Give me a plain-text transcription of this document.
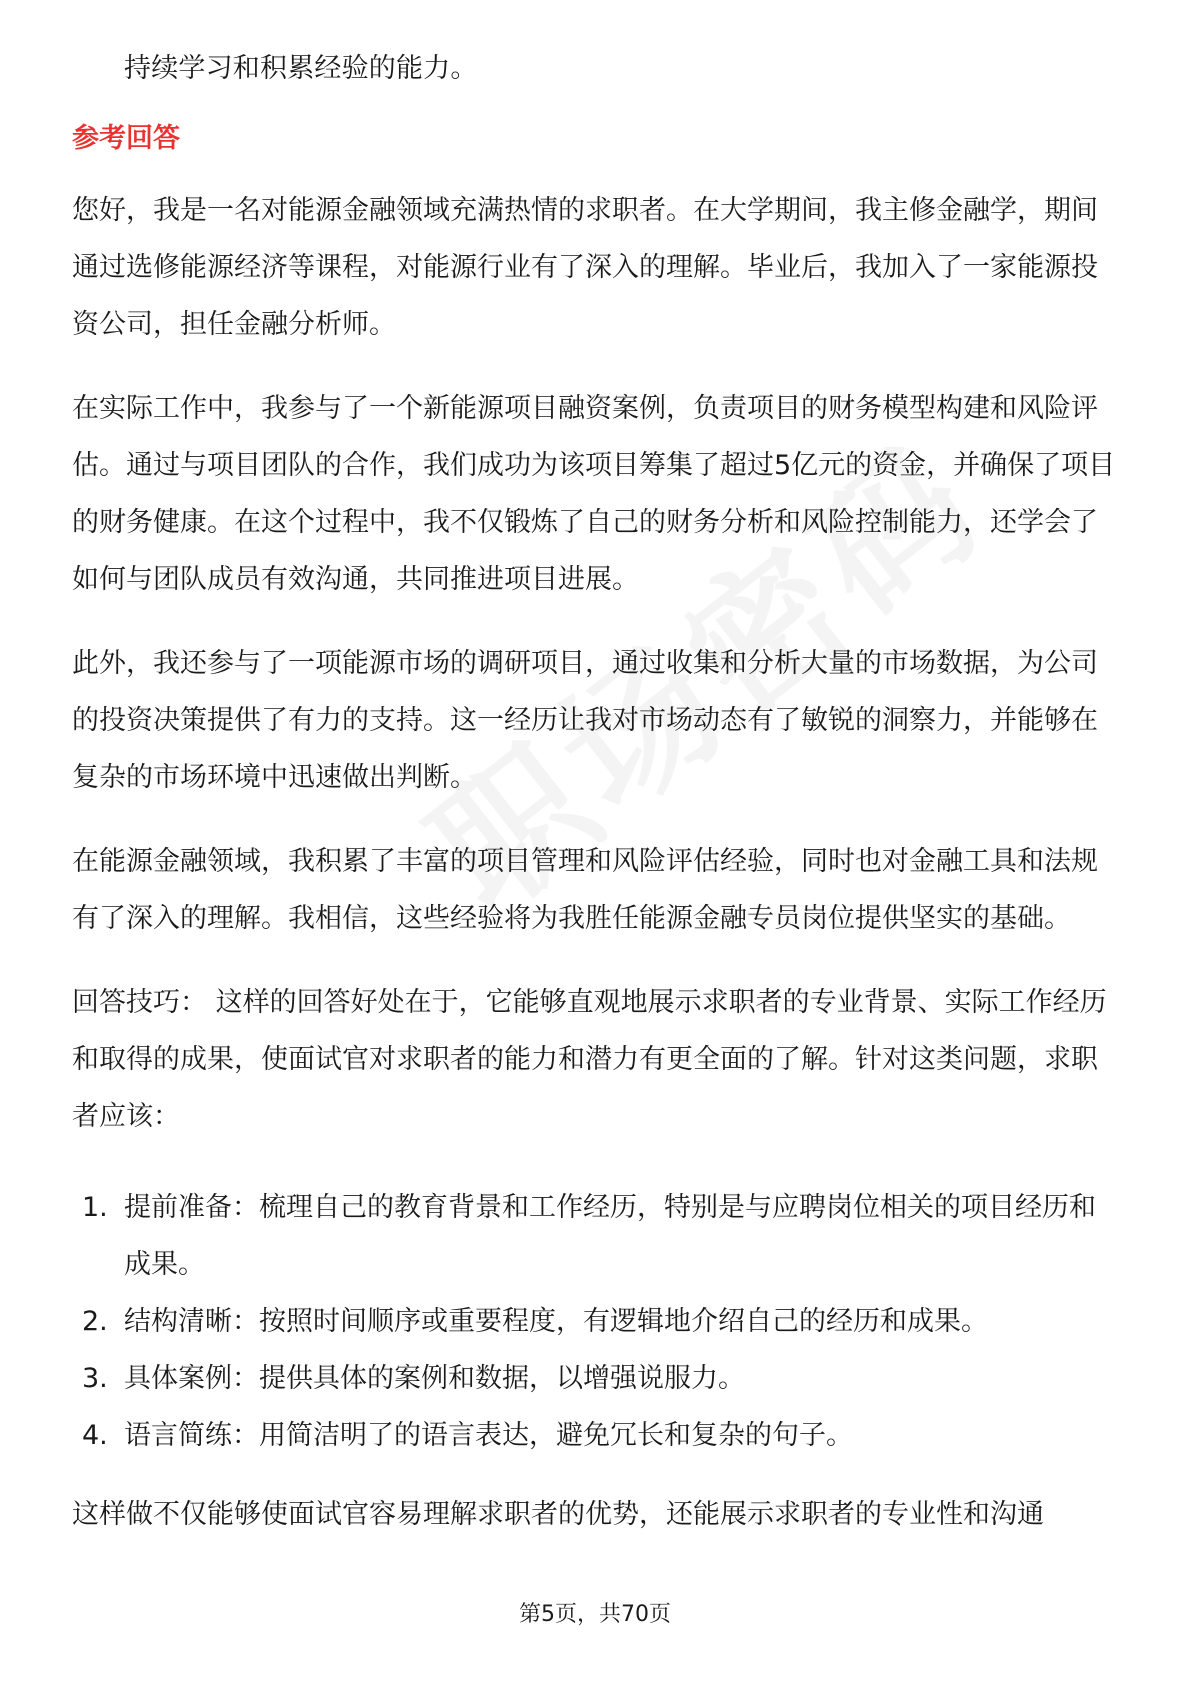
持续学习和积累经验的能力。

参考回答

您好，我是一名对能源金融领域充满热情的求职者。在大学期间，我主修金融学，期间通过选修能源经济等课程，对能源行业有了深入的理解。毕业后，我加入了一家能源投资公司，担任金融分析师。

在实际工作中，我参与了一个新能源项目融资案例，负责项目的财务模型构建和风险评估。通过与项目团队的合作，我们成功为该项目筹集了超过5亿元的资金，并确保了项目的财务健康。在这个过程中，我不仅锻炼了自己的财务分析和风险控制能力，还学会了如何与团队成员有效沟通，共同推进项目进展。

此外，我还参与了一项能源市场的调研项目，通过收集和分析大量的市场数据，为公司的投资决策提供了有力的支持。这一经历让我对市场动态有了敏锐的洞察力，并能够在复杂的市场环境中迅速做出判断。

在能源金融领域，我积累了丰富的项目管理和风险评估经验，同时也对金融工具和法规有了深入的理解。我相信，这些经验将为我胜任能源金融专员岗位提供坚实的基础。

回答技巧： 这样的回答好处在于，它能够直观地展示求职者的专业背景、实际工作经历和取得的成果，使面试官对求职者的能力和潜力有更全面的了解。针对这类问题，求职者应该：

1. 提前准备：梳理自己的教育背景和工作经历，特别是与应聘岗位相关的项目经历和成果。
2. 结构清晰：按照时间顺序或重要程度，有逻辑地介绍自己的经历和成果。
3. 具体案例：提供具体的案例和数据，以增强说服力。
4. 语言简练：用简洁明了的语言表达，避免冗长和复杂的句子。

这样做不仅能够使面试官容易理解求职者的优势，还能展示求职者的专业性和沟通

第5页，共70页
